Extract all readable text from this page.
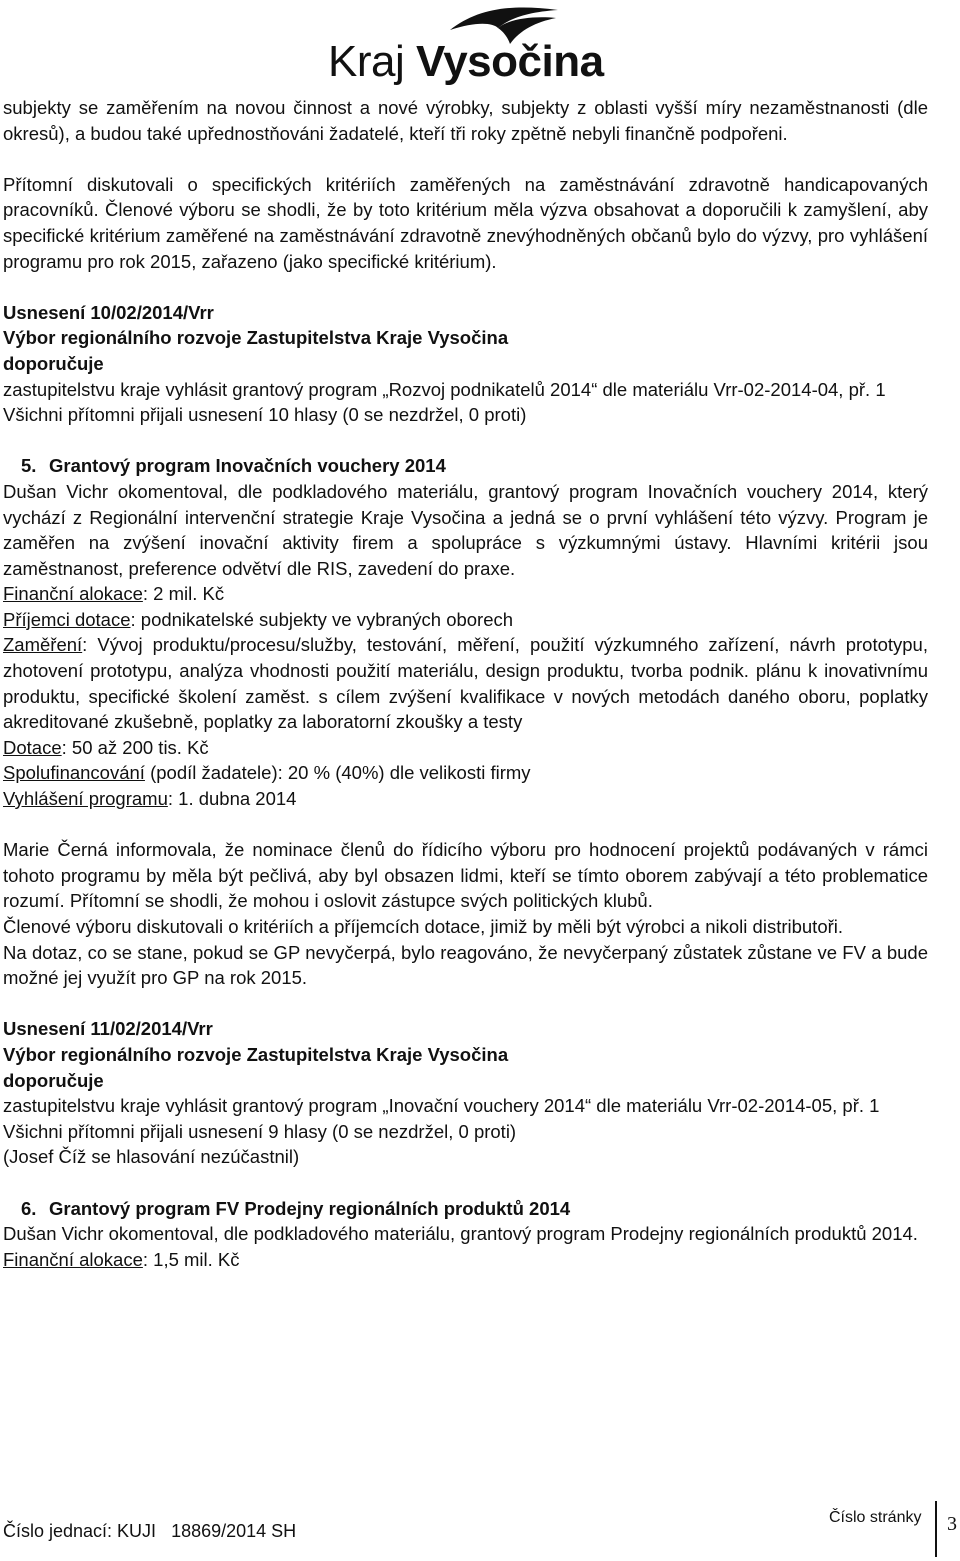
Kraj Vysočina

subjekty se zaměřením na novou činnost a nové výrobky, subjekty z oblasti vyšší míry nezaměstnanosti (dle okresů), a budou také upřednostňováni žadatelé, kteří tři roky zpětně nebyli finančně podpořeni.

Přítomní diskutovali o specifických kritériích zaměřených na zaměstnávání zdravotně handicapovaných pracovníků. Členové výboru se shodli, že by toto kritérium měla výzva obsahovat a doporučili k zamyšlení, aby specifické kritérium zaměřené na zaměstnávání zdravotně znevýhodněných občanů bylo do výzvy, pro vyhlášení programu pro rok 2015, zařazeno (jako specifické kritérium).

Usnesení 10/02/2014/Vrr
Výbor regionálního rozvoje Zastupitelstva Kraje Vysočina
doporučuje

zastupitelstvu kraje vyhlásit grantový program „Rozvoj podnikatelů 2014“ dle materiálu Vrr-02-2014-04, př. 1

Všichni přítomni přijali usnesení 10 hlasy (0 se nezdržel, 0 proti)
5. Grantový program Inovačních vouchery 2014

Dušan Vichr okomentoval, dle podkladového materiálu, grantový program Inovačních vouchery 2014, který vychází z Regionální intervenční strategie Kraje Vysočina a jedná se o první vyhlášení této výzvy. Program je zaměřen na zvýšení inovační aktivity firem a spolupráce s výzkumnými ústavy. Hlavními kritérii jsou zaměstnanost, preference odvětví dle RIS, zavedení do praxe.

Finanční alokace: 2 mil. Kč
Příjemci dotace: podnikatelské subjekty ve vybraných oborech

Zaměření: Vývoj produktu/procesu/služby, testování, měření, použití výzkumného zařízení, návrh prototypu, zhotovení prototypu, analýza vhodnosti použití materiálu, design produktu, tvorba podnik. plánu k inovativnímu produktu, specifické školení zaměst. s cílem zvýšení kvalifikace v nových metodách daného oboru, poplatky akreditované zkušebně, poplatky za laboratorní zkoušky a testy

Dotace: 50 až 200 tis. Kč
Spolufinancování (podíl žadatele): 20 % (40%) dle velikosti firmy
Vyhlášení programu: 1. dubna 2014

Marie Černá informovala, že nominace členů do řídicího výboru pro hodnocení projektů podávaných v rámci tohoto programu by měla být pečlivá, aby byl obsazen lidmi, kteří se tímto oborem zabývají a této problematice rozumí. Přítomní se shodli, že mohou i oslovit zástupce svých politických klubů.

Členové výboru diskutovali o kritériích a příjemcích dotace, jimiž by měli být výrobci a nikoli distributoři.

Na dotaz, co se stane, pokud se GP nevyčerpá, bylo reagováno, že nevyčerpaný zůstatek zůstane ve FV a bude možné jej využít pro GP na rok 2015.

Usnesení 11/02/2014/Vrr
Výbor regionálního rozvoje Zastupitelstva Kraje Vysočina
doporučuje

zastupitelstvu kraje vyhlásit grantový program „Inovační vouchery 2014“ dle materiálu Vrr-02-2014-05, př. 1

Všichni přítomni přijali usnesení 9 hlasy (0 se nezdržel, 0 proti)
(Josef Číž se hlasování nezúčastnil)
6. Grantový program FV Prodejny regionálních produktů 2014

Dušan Vichr okomentoval, dle podkladového materiálu, grantový program Prodejny regionálních produktů 2014.

Finanční alokace: 1,5 mil. Kč
Číslo jednací: KUJI   18869/2014 SH
Číslo stránky 3
